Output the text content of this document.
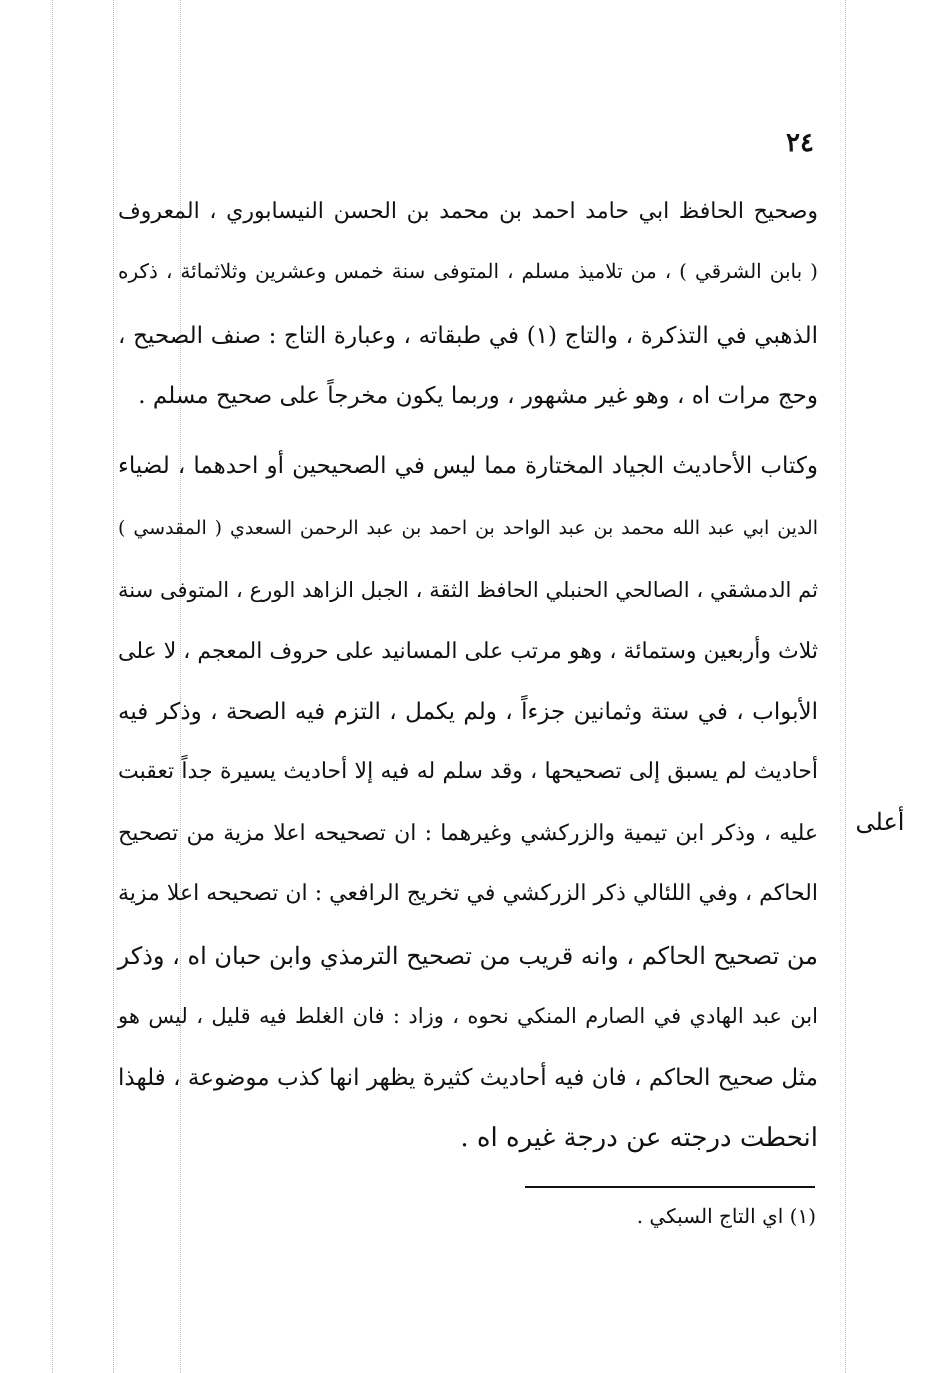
٢٤
وصحيح الحافظ ابي حامد احمد بن محمد بن الحسن النيسابوري ، المعروف
( بابن الشرقي ) ، من تلاميذ مسلم ، المتوفى سنة خمس وعشرين وثلاثمائة ، ذكره
الذهبي في التذكرة ، والتاج (١) في طبقاته ، وعبارة التاج : صنف الصحيح ،
وحج مرات اه ، وهو غير مشهور ، وربما يكون مخرجاً على صحيح مسلم .
وكتاب الأحاديث الجياد المختارة مما ليس في الصحيحين أو احدهما ، لضياء
الدين ابي عبد الله محمد بن عبد الواحد بن احمد بن عبد الرحمن السعدي ( المقدسي )
ثم الدمشقي ، الصالحي الحنبلي الحافظ الثقة ، الجبل الزاهد الورع ، المتوفى سنة
ثلاث وأربعين وستمائة ، وهو مرتب على المسانيد على حروف المعجم ، لا على
الأبواب ، في ستة وثمانين جزءاً ، ولم يكمل ، التزم فيه الصحة ، وذكر فيه
أحاديث لم يسبق إلى تصحيحها ، وقد سلم له فيه إلا أحاديث يسيرة جداً تعقبت
عليه ، وذكر ابن تيمية والزركشي وغيرهما : ان تصحيحه اعلا مزية من تصحيح
الحاكم ، وفي اللئالي ذكر الزركشي في تخريج الرافعي : ان تصحيحه اعلا مزية
من تصحيح الحاكم ، وانه قريب من تصحيح الترمذي وابن حبان اه ، وذكر
ابن عبد الهادي في الصارم المنكي نحوه ، وزاد : فان الغلط فيه قليل ، ليس هو
مثل صحيح الحاكم ، فان فيه أحاديث كثيرة يظهر انها كذب موضوعة ، فلهذا
انحطت درجته عن درجة غيره اه .
أعلى
(١) اي التاج السبكي .
